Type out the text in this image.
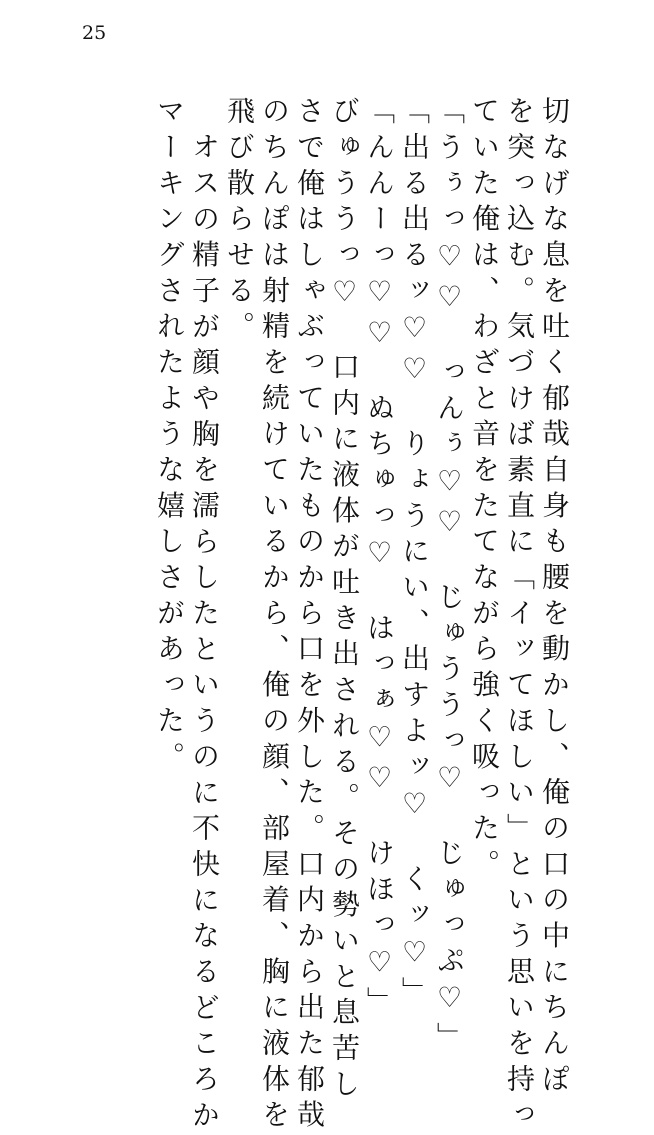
25

切なげな息を吐く郁哉自身も腰を動かし、俺の口の中にちんぽ

を突っ込む。気づけば素直に「イッてほしい」という思いを持っ

ていた俺は、わざと音をたてながら強く吸った。

「うぅっ♡♡　っんぅ♡♡　じゅううっ♡　じゅっぷ♡」

「出る出るッ♡♡　りょうにい、出すよッ♡　くッ♡」

「んんーっ♡♡　ぬちゅっ♡　はっぁ♡♡　けほっ♡」

びゅううっ♡　口内に液体が吐き出される。その勢いと息苦し

さで俺はしゃぶっていたものから口を外した。口内から出た郁哉

のちんぽは射精を続けているから、俺の顔、部屋着、胸に液体を

飛び散らせる。

オスの精子が顔や胸を濡らしたというのに不快になるどころか

マーキングされたような嬉しさがあった。
